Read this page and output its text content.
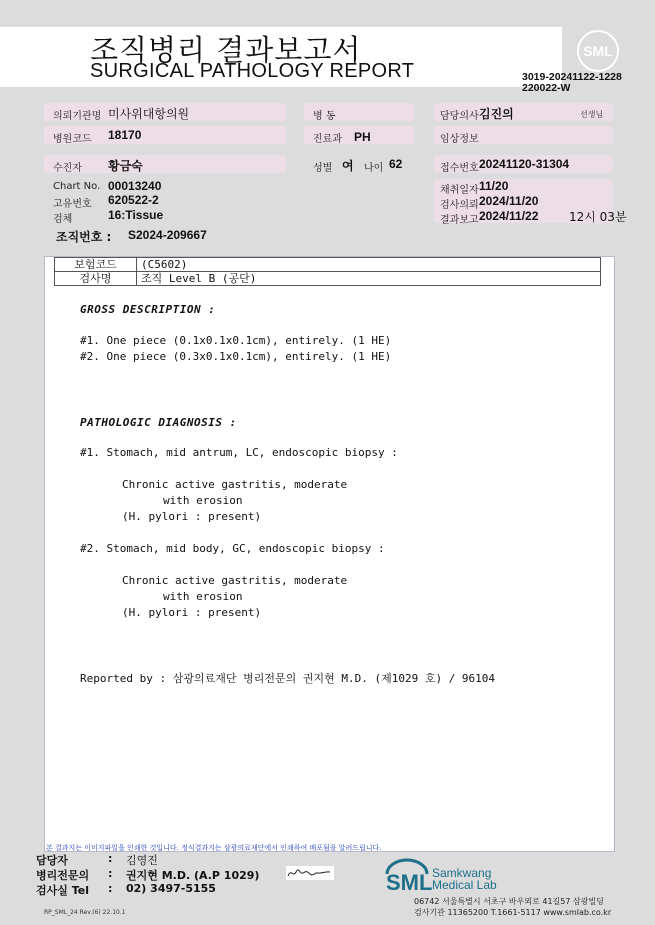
조직병리 결과보고서
SURGICAL PATHOLOGY REPORT
SML
3019-20241122-1228
220022-W
의뢰기관명 미사위대항의원	병 동	담당의사 김진의	선생님
병원코드 18170	진료과 PH	임상정보
수진자 황금숙	성별 여 나이 62	접수번호 20241120-31304
Chart No. 00013240
고유번호 620522-2
검체	16:Tissue
채취일자 11/20
검사의뢰 2024/11/20
결과보고 2024/11/22	12시 03분
조직번호 : S2024-209667
보험코드	(C5602)
검사명	조직 Level B (공단)
GROSS DESCRIPTION :
#1. One piece (0.1x0.1x0.1cm), entirely. (1 HE)
#2. One piece (0.3x0.1x0.1cm), entirely. (1 HE)
PATHOLOGIC DIAGNOSIS :
#1. Stomach, mid antrum, LC, endoscopic biopsy :
Chronic active gastritis, moderate
with erosion
(H. pylori : present)
#2. Stomach, mid body, GC, endoscopic biopsy :
Chronic active gastritis, moderate
with erosion
(H. pylori : present)
Reported by : 삼광의료재단 병리전문의 권지현 M.D. (제1029 호) / 96104
본 결과지는 이미지파일을 인쇄한 것입니다. 정식결과지는 삼광의료재단에서 인쇄하여 배포됨을 알려드립니다.
담당자	: 김영진
병리전문의 : 권지현 M.D. (A.P 1029)
검사실 Tel : 02) 3497-5155	SML Samkwang
Medical Lab
06742 서울특별시 서초구 바우뫼로 41길57 삼광빌딩
검사기관 11365200 T.1661-5117 www.smlab.co.kr
RP_SML_24 Rev.(6) 22.10.1
